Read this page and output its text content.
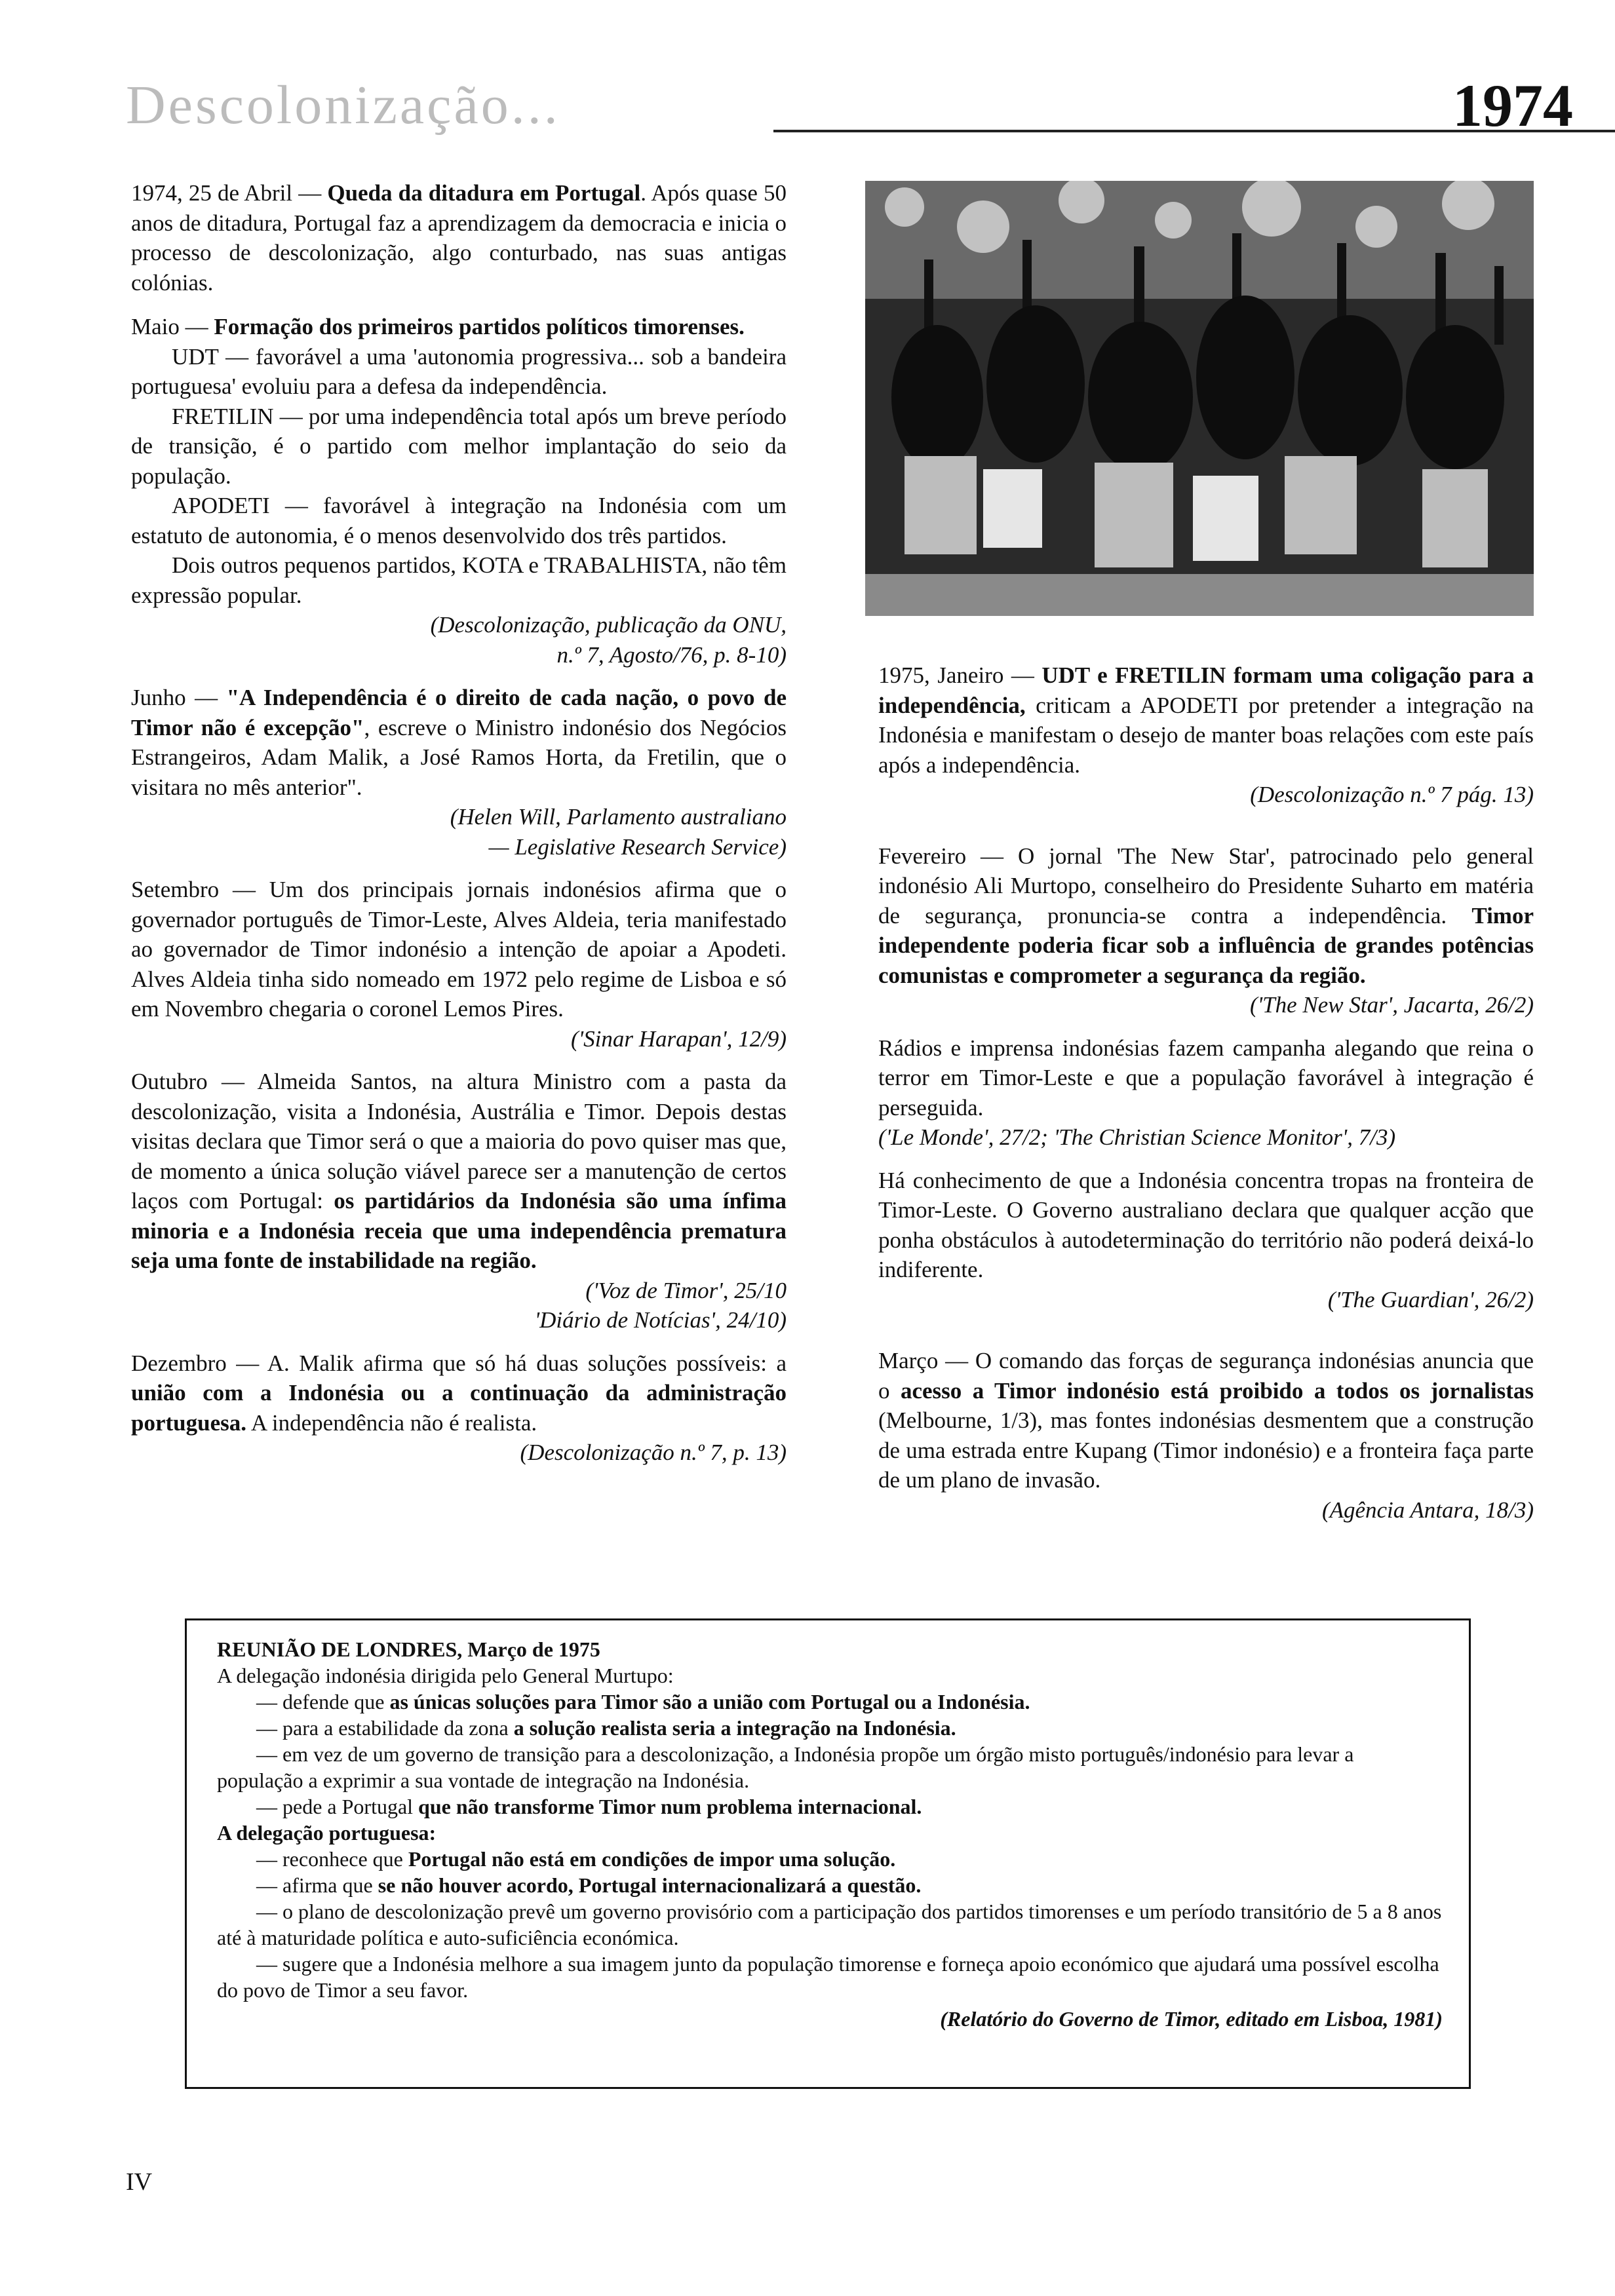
Descolonização...	1974

1974, 25 de Abril — Queda da ditadura em Portugal. Após quase 50 anos de ditadura, Portugal faz a aprendizagem da democracia e inicia o processo de descolonização, algo conturbado, nas suas antigas colónias.

Maio — Formação dos primeiros partidos políticos timorenses.

UDT — favorável a uma 'autonomia progressiva... sob a bandeira portuguesa' evoluiu para a defesa da independência.

FRETILIN — por uma independência total após um breve período de transição, é o partido com melhor implantação do seio da população.

APODETI — favorável à integração na Indonésia com um estatuto de autonomia, é o menos desenvolvido dos três partidos.

Dois outros pequenos partidos, KOTA e TRABALHISTA, não têm expressão popular.

(Descolonização, publicação da ONU,
n.º 7, Agosto/76, p. 8-10)

Junho — "A Independência é o direito de cada nação, o povo de Timor não é excepção", escreve o Ministro indonésio dos Negócios Estrangeiros, Adam Malik, a José Ramos Horta, da Fretilin, que o visitara no mês anterior".

(Helen Will, Parlamento australiano
— Legislative Research Service)

Setembro — Um dos principais jornais indonésios afirma que o governador português de Timor-Leste, Alves Aldeia, teria manifestado ao governador de Timor indonésio a intenção de apoiar a Apodeti. Alves Aldeia tinha sido nomeado em 1972 pelo regime de Lisboa e só em Novembro chegaria o coronel Lemos Pires.

('Sinar Harapan', 12/9)

Outubro — Almeida Santos, na altura Ministro com a pasta da descolonização, visita a Indonésia, Austrália e Timor. Depois destas visitas declara que Timor será o que a maioria do povo quiser mas que, de momento a única solução viável parece ser a manutenção de certos laços com Portugal: os partidários da Indonésia são uma ínfima minoria e a Indonésia receia que uma independência prematura seja uma fonte de instabilidade na região.

('Voz de Timor', 25/10
'Diário de Notícias', 24/10)

Dezembro — A. Malik afirma que só há duas soluções possíveis: a união com a Indonésia ou a continuação da administração portuguesa. A independência não é realista.

(Descolonização n.º 7, p. 13)

1975, Janeiro — UDT e FRETILIN formam uma coligação para a independência, criticam a APODETI por pretender a integração na Indonésia e manifestam o desejo de manter boas relações com este país após a independência.

(Descolonização n.º 7 pág. 13)

Fevereiro — O jornal 'The New Star', patrocinado pelo general indonésio Ali Murtopo, conselheiro do Presidente Suharto em matéria de segurança, pronuncia-se contra a independência. Timor independente poderia ficar sob a influência de grandes potências comunistas e comprometer a segurança da região.

('The New Star', Jacarta, 26/2)

Rádios e imprensa indonésias fazem campanha alegando que reina o terror em Timor-Leste e que a população favorável à integração é perseguida.

('Le Monde', 27/2; 'The Christian Science Monitor', 7/3)

Há conhecimento de que a Indonésia concentra tropas na fronteira de Timor-Leste. O Governo australiano declara que qualquer acção que ponha obstáculos à autodeterminação do território não poderá deixá-lo indiferente.

('The Guardian', 26/2)

Março — O comando das forças de segurança indonésias anuncia que o acesso a Timor indonésio está proibido a todos os jornalistas (Melbourne, 1/3), mas fontes indonésias desmentem que a construção de uma estrada entre Kupang (Timor indonésio) e a fronteira faça parte de um plano de invasão.

(Agência Antara, 18/3)

REUNIÃO DE LONDRES, Março de 1975

A delegação indonésia dirigida pelo General Murtupo:

— defende que as únicas soluções para Timor são a união com Portugal ou a Indonésia.

— para a estabilidade da zona a solução realista seria a integração na Indonésia.

— em vez de um governo de transição para a descolonização, a Indonésia propõe um órgão misto português/indonésio para levar a população a exprimir a sua vontade de integração na Indonésia.

— pede a Portugal que não transforme Timor num problema internacional.

A delegação portuguesa:

— reconhece que Portugal não está em condições de impor uma solução.

— afirma que se não houver acordo, Portugal internacionalizará a questão.

— o plano de descolonização prevê um governo provisório com a participação dos partidos timorenses e um período transitório de 5 a 8 anos até à maturidade política e auto-suficiência económica.

— sugere que a Indonésia melhore a sua imagem junto da população timorense e forneça apoio económico que ajudará uma possível escolha do povo de Timor a seu favor.

(Relatório do Governo de Timor, editado em Lisboa, 1981)

IV
